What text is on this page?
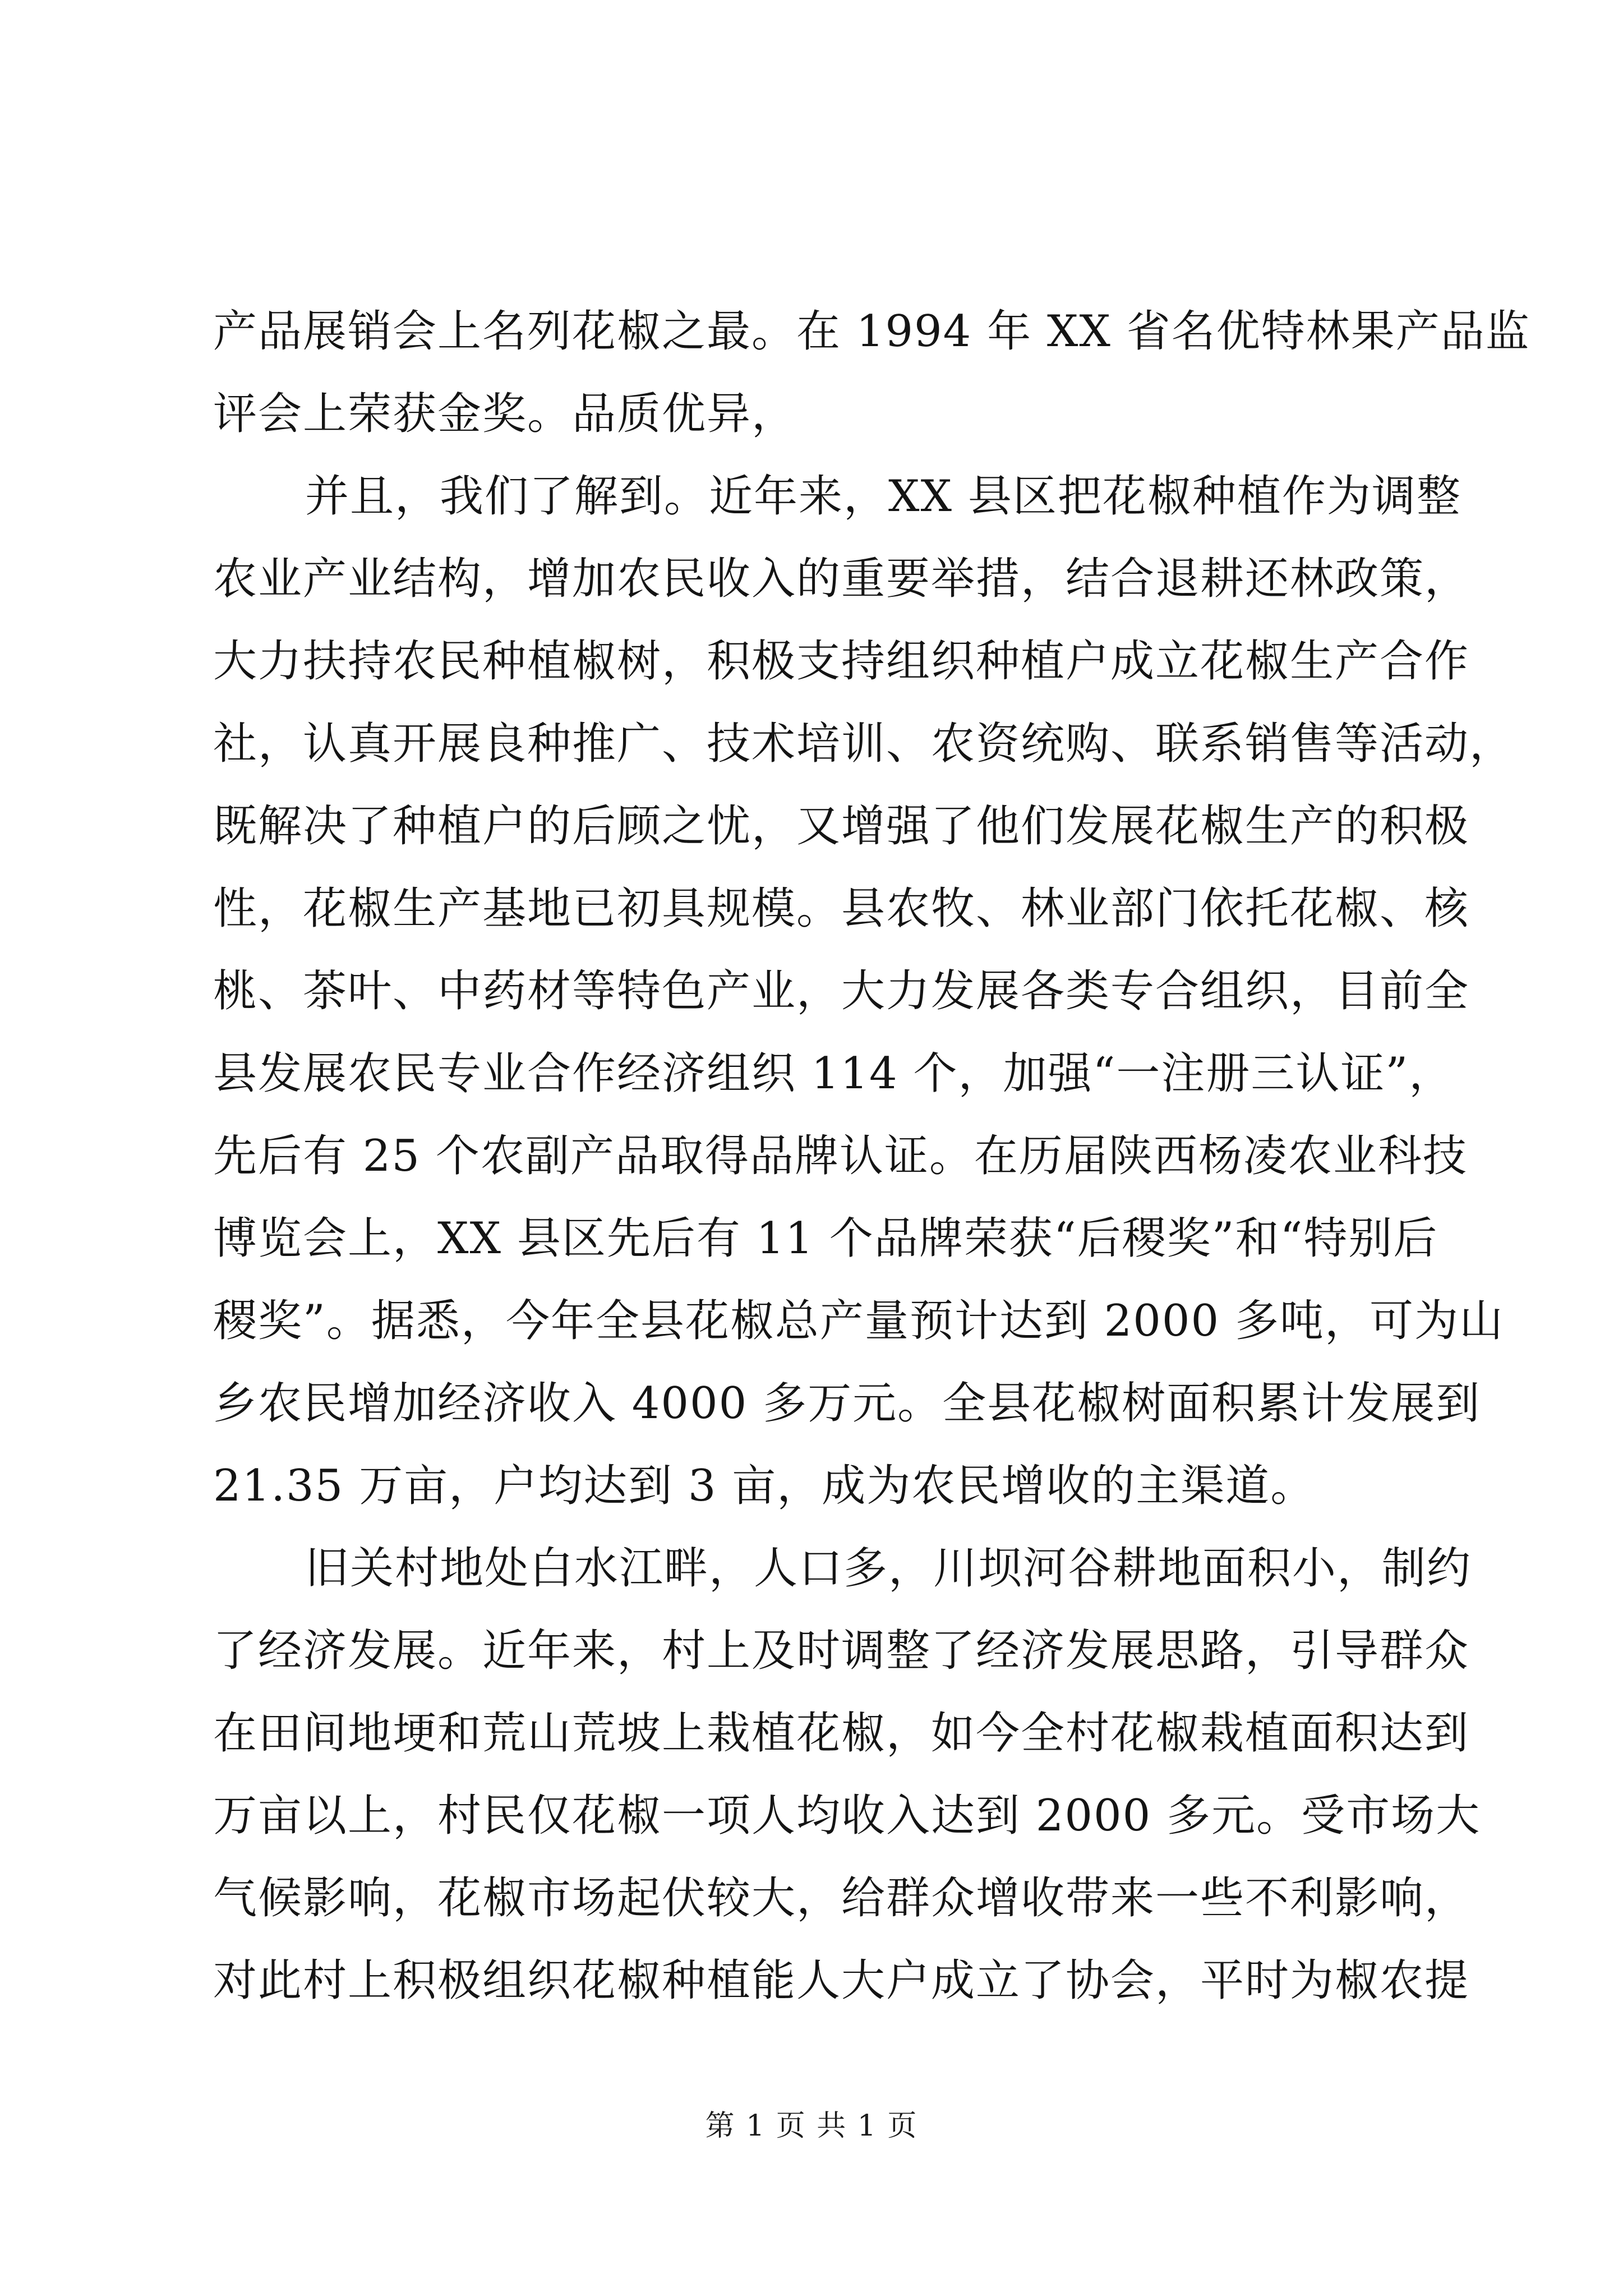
产品展销会上名列花椒之最。在 1994 年 XX 省名优特林果产品监
评会上荣获金奖。品质优异，
并且，我们了解到。近年来，XX 县区把花椒种植作为调整
农业产业结构，增加农民收入的重要举措，结合退耕还林政策，
大力扶持农民种植椒树，积极支持组织种植户成立花椒生产合作
社，认真开展良种推广、技术培训、农资统购、联系销售等活动，
既解决了种植户的后顾之忧，又增强了他们发展花椒生产的积极
性，花椒生产基地已初具规模。县农牧、林业部门依托花椒、核
桃、茶叶、中药材等特色产业，大力发展各类专合组织，目前全
县发展农民专业合作经济组织 114 个，加强“一注册三认证”，
先后有 25 个农副产品取得品牌认证。在历届陕西杨凌农业科技
博览会上，XX 县区先后有 11 个品牌荣获“后稷奖”和“特别后
稷奖”。据悉，今年全县花椒总产量预计达到 2000 多吨，可为山
乡农民增加经济收入 4000 多万元。全县花椒树面积累计发展到
21.35 万亩，户均达到 3 亩，成为农民增收的主渠道。
旧关村地处白水江畔，人口多，川坝河谷耕地面积小，制约
了经济发展。近年来，村上及时调整了经济发展思路，引导群众
在田间地埂和荒山荒坡上栽植花椒，如今全村花椒栽植面积达到
万亩以上，村民仅花椒一项人均收入达到 2000 多元。受市场大
气候影响，花椒市场起伏较大，给群众增收带来一些不利影响，
对此村上积极组织花椒种植能人大户成立了协会，平时为椒农提
第 1 页 共 1 页
